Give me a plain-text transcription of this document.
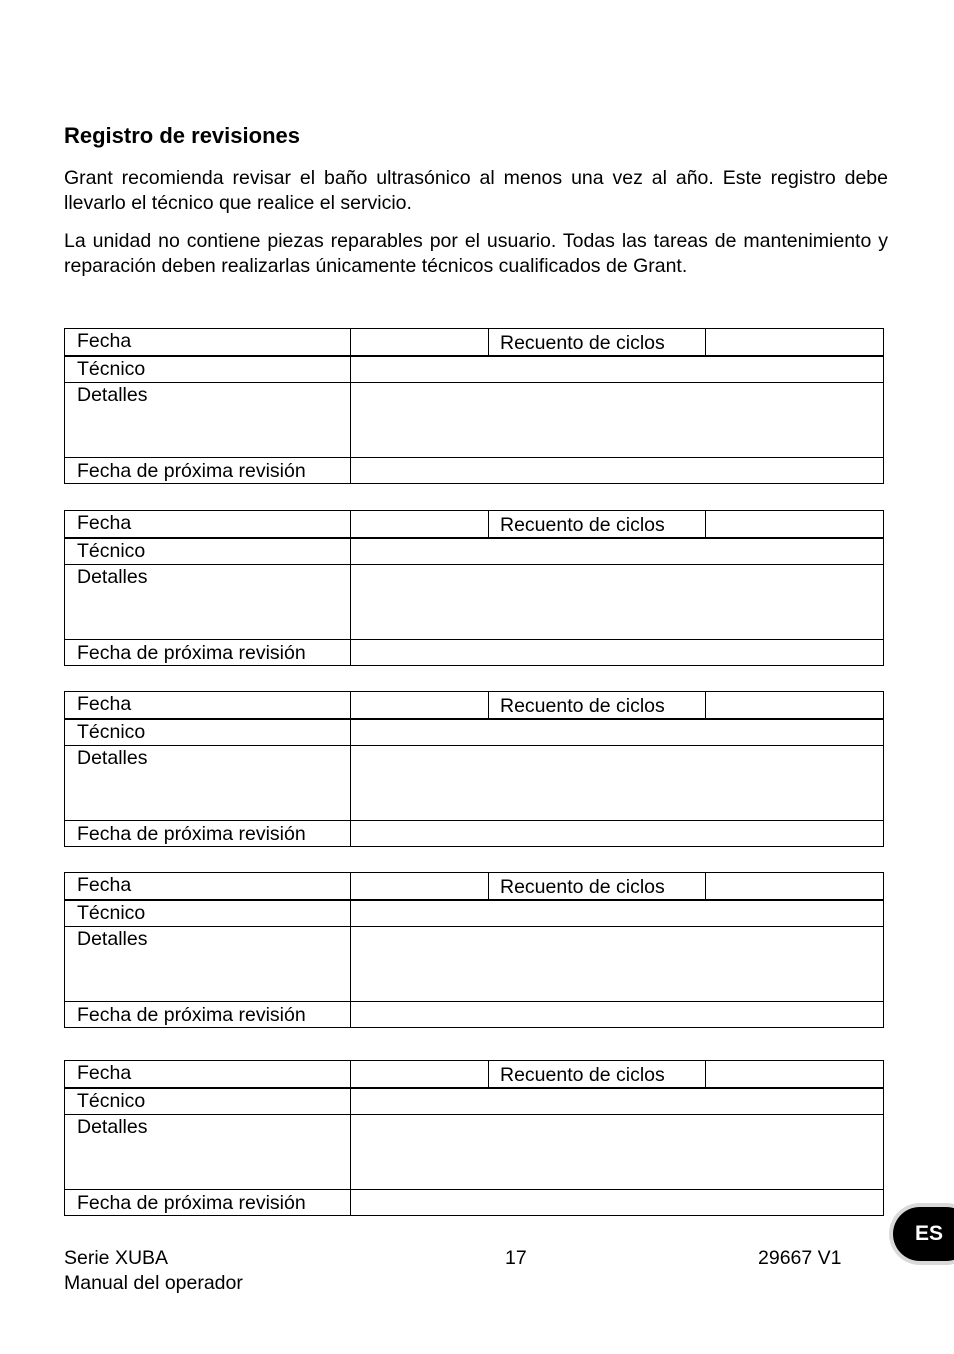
Registro de revisiones

Grant recomienda revisar el baño ultrasónico al menos una vez al año. Este registro debe llevarlo el técnico que realice el servicio.

La unidad no contiene piezas reparables por el usuario. Todas las tareas de mantenimiento y reparación deben realizarlas únicamente técnicos cualificados de Grant.

Fecha	Recuento de ciclos
Técnico
Detalles
Fecha de próxima revisión
Fecha	Recuento de ciclos
Técnico
Detalles
Fecha de próxima revisión
Fecha	Recuento de ciclos
Técnico
Detalles
Fecha de próxima revisión
Fecha	Recuento de ciclos
Técnico
Detalles
Fecha de próxima revisión
Fecha	Recuento de ciclos
Técnico
Detalles
Fecha de próxima revisión
Serie XUBA
Manual del operador
17	29667 V1
ES
